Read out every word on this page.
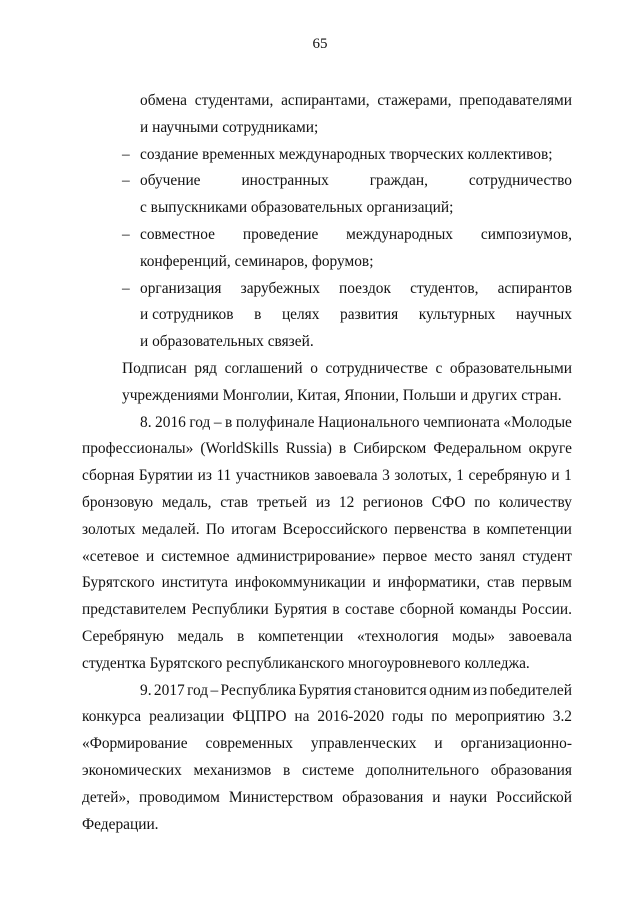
65
обмена студентами, аспирантами, стажерами, преподавателями
и научными сотрудниками;
создание временных международных творческих коллективов;
–
обучение	иностранных	граждан,	сотрудничество
–
с выпускниками образовательных организаций;
совместное проведение международных симпозиумов,
–
конференций, семинаров, форумов;
организация зарубежных поездок студентов, аспирантов
–
и сотрудников в целях развития культурных научных
и образовательных связей.
Подписан ряд соглашений о сотрудничестве с образовательными
учреждениями Монголии, Китая, Японии, Польши и других стран.
8. 2016 год – в полуфинале Национального чемпионата «Молодые
профессионалы» (WorldSkills Russia) в Сибирском Федеральном округе
сборная Бурятии из 11 участников завоевала 3 золотых, 1 серебряную и 1
бронзовую медаль, став третьей из 12 регионов СФО по количеству
золотых медалей. По итогам Всероссийского первенства в компетенции
«сетевое и системное администрирование» первое место занял студент
Бурятского института инфокоммуникации и информатики, став первым
представителем Республики Бурятия в составе сборной команды России.
Серебряную медаль в компетенции «технология моды» завоевала
студентка Бурятского республиканского многоуровневого колледжа.
9. 2017 год – Республика Бурятия становится одним из победителей
конкурса реализации ФЦПРО на 2016-2020 годы по мероприятию 3.2
«Формирование современных управленческих и организационно-
экономических механизмов в системе дополнительного образования
детей», проводимом Министерством образования и науки Российской
Федерации.
